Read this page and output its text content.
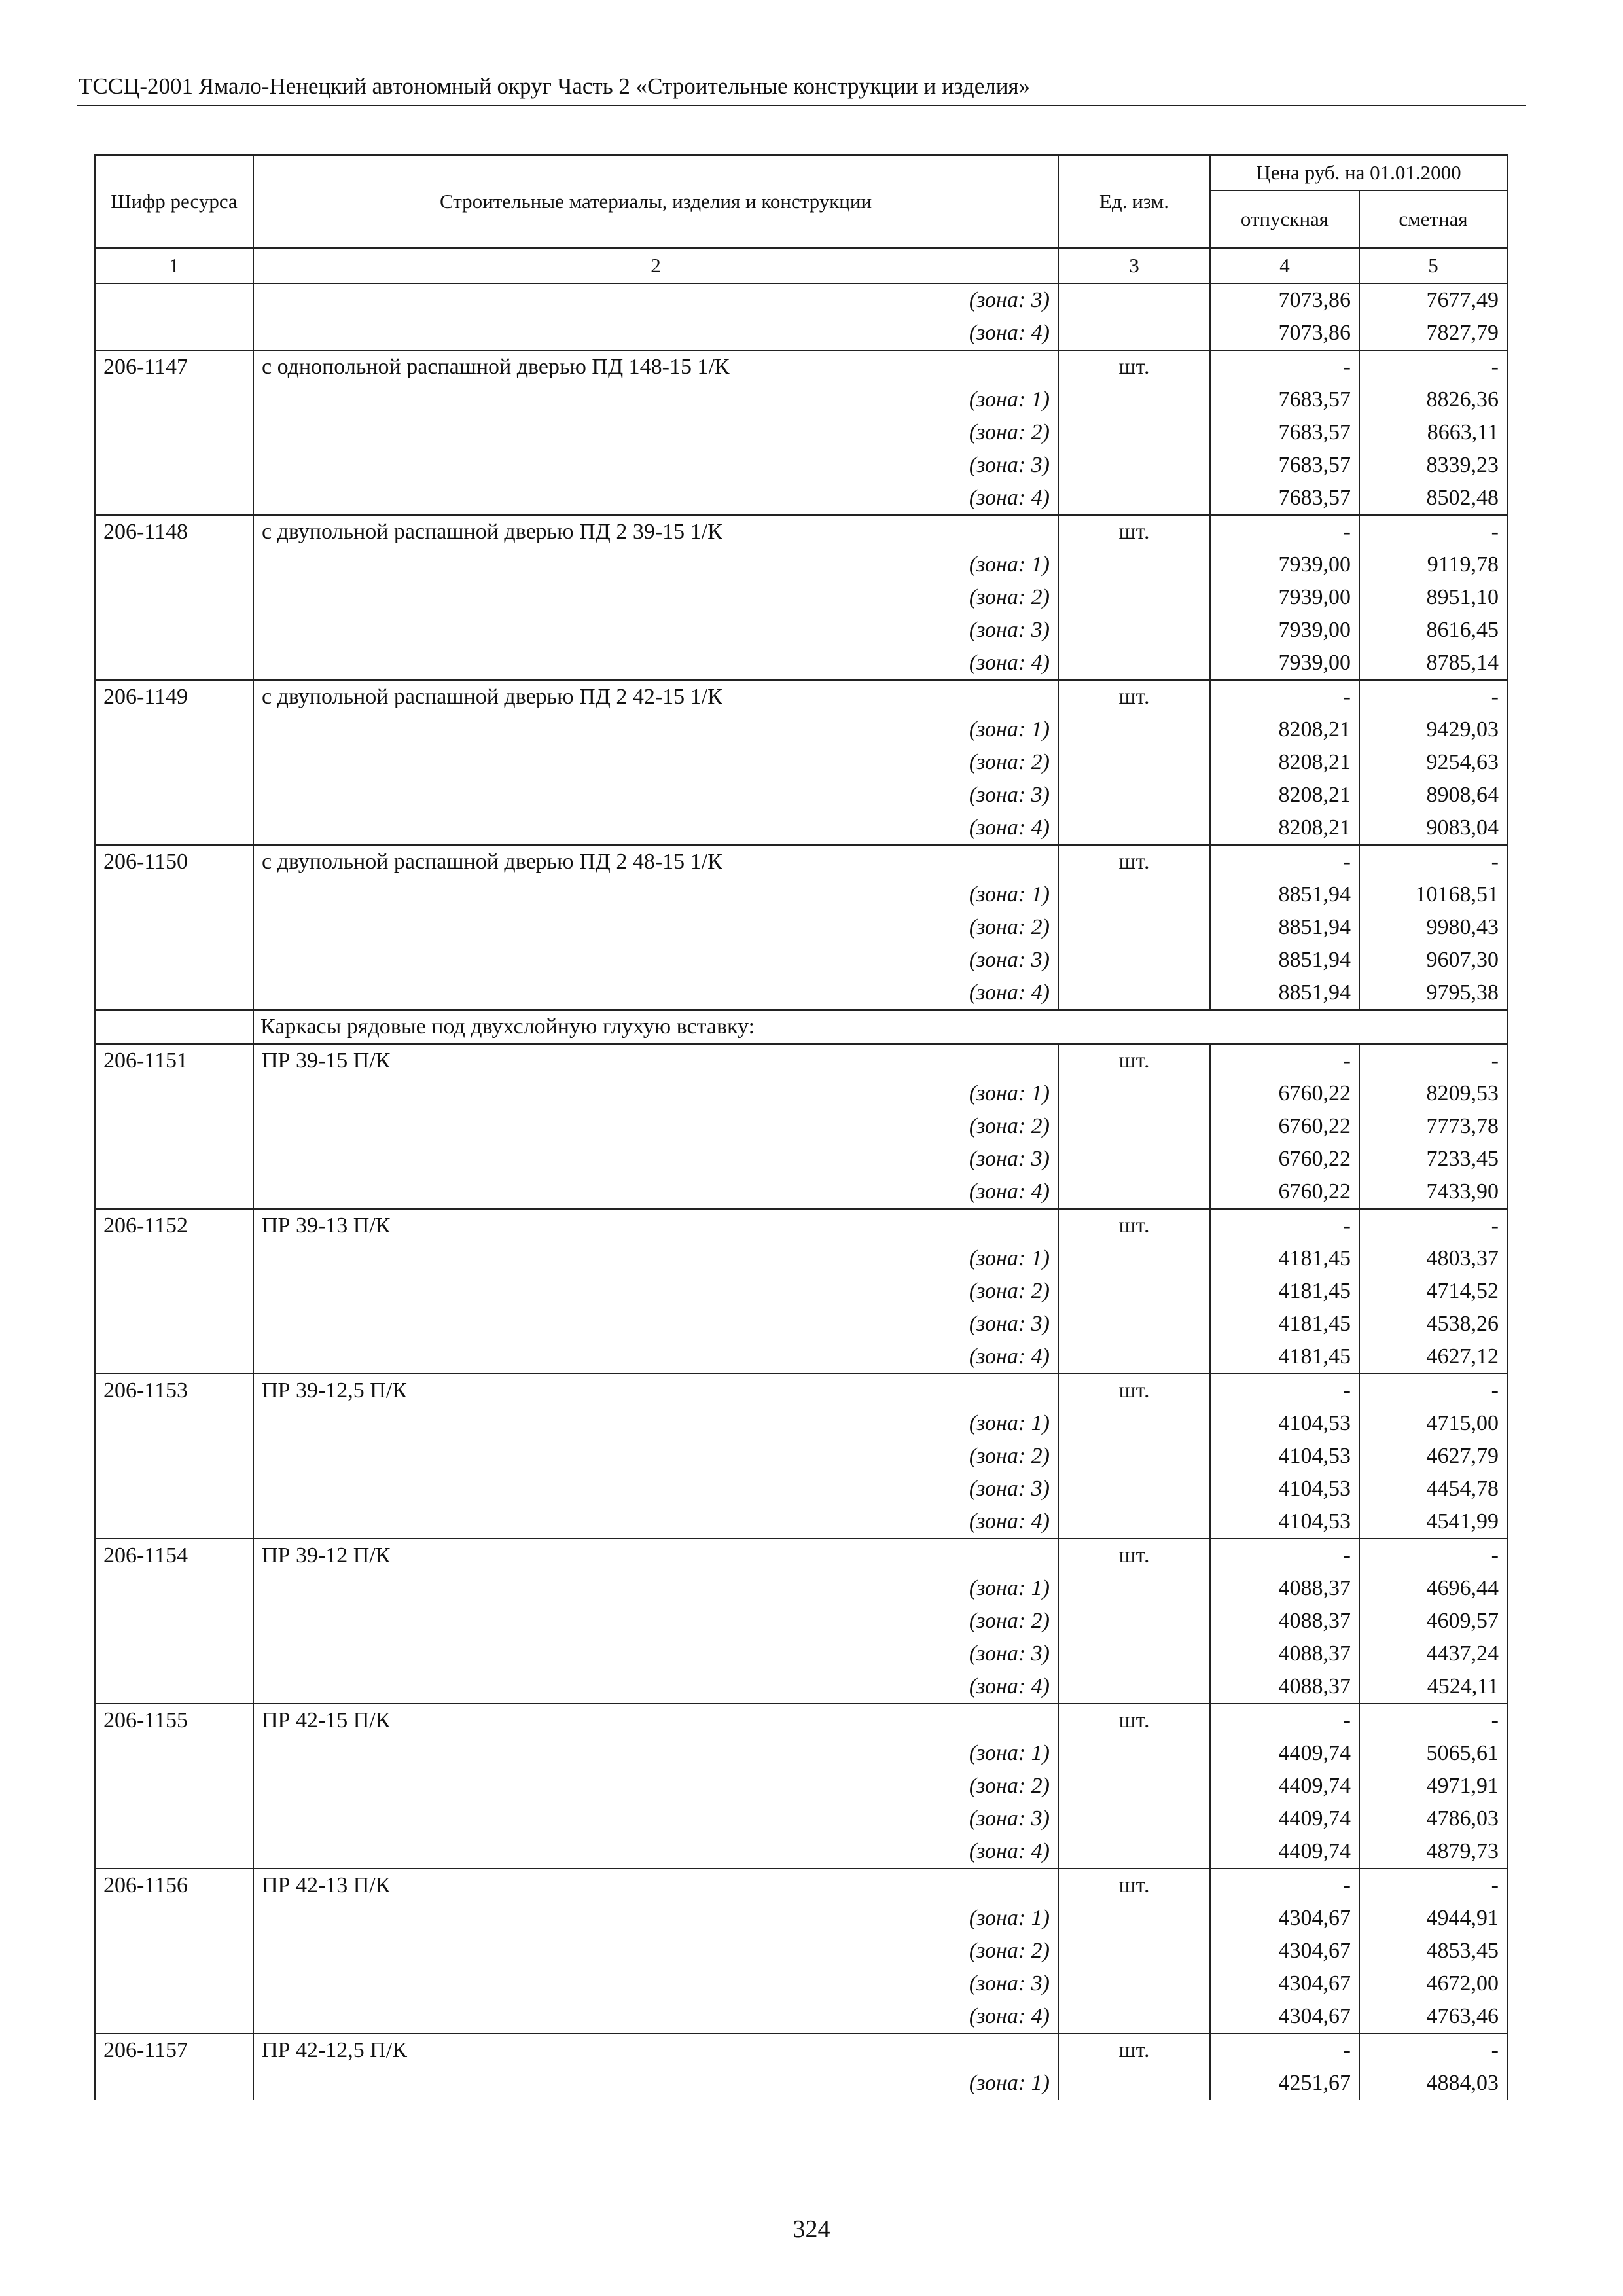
ТССЦ-2001 Ямало-Ненецкий автономный округ Часть 2 «Строительные конструкции и изделия»
Шифр ресурса	Строительные материалы, изделия и конструкции	Ед. изм.	Цена руб. на 01.01.2000	
			отпускная	сметная
1	2	3	4	5
	(зона: 3)		7073,86	7677,49
	(зона: 4)		7073,86	7827,79
206-1147	с однопольной распашной дверью ПД 148-15 1/К	шт.	-	-
	(зона: 1)		7683,57	8826,36
	(зона: 2)		7683,57	8663,11
	(зона: 3)		7683,57	8339,23
	(зона: 4)		7683,57	8502,48
206-1148	с двупольной распашной дверью ПД 2 39-15 1/К	шт.	-	-
	(зона: 1)		7939,00	9119,78
	(зона: 2)		7939,00	8951,10
	(зона: 3)		7939,00	8616,45
	(зона: 4)		7939,00	8785,14
206-1149	с двупольной распашной дверью ПД 2 42-15 1/К	шт.	-	-
	(зона: 1)		8208,21	9429,03
	(зона: 2)		8208,21	9254,63
	(зона: 3)		8208,21	8908,64
	(зона: 4)		8208,21	9083,04
206-1150	с двупольной распашной дверью ПД 2 48-15 1/К	шт.	-	-
	(зона: 1)		8851,94	10168,51
	(зона: 2)		8851,94	9980,43
	(зона: 3)		8851,94	9607,30
	(зона: 4)		8851,94	9795,38
	Каркасы рядовые под двухслойную глухую вставку:			
206-1151	ПР 39-15 П/К	шт.	-	-
	(зона: 1)		6760,22	8209,53
	(зона: 2)		6760,22	7773,78
	(зона: 3)		6760,22	7233,45
	(зона: 4)		6760,22	7433,90
206-1152	ПР 39-13 П/К	шт.	-	-
	(зона: 1)		4181,45	4803,37
	(зона: 2)		4181,45	4714,52
	(зона: 3)		4181,45	4538,26
	(зона: 4)		4181,45	4627,12
206-1153	ПР 39-12,5 П/К	шт.	-	-
	(зона: 1)		4104,53	4715,00
	(зона: 2)		4104,53	4627,79
	(зона: 3)		4104,53	4454,78
	(зона: 4)		4104,53	4541,99
206-1154	ПР 39-12 П/К	шт.	-	-
	(зона: 1)		4088,37	4696,44
	(зона: 2)		4088,37	4609,57
	(зона: 3)		4088,37	4437,24
	(зона: 4)		4088,37	4524,11
206-1155	ПР 42-15 П/К	шт.	-	-
	(зона: 1)		4409,74	5065,61
	(зона: 2)		4409,74	4971,91
	(зона: 3)		4409,74	4786,03
	(зона: 4)		4409,74	4879,73
206-1156	ПР 42-13 П/К	шт.	-	-
	(зона: 1)		4304,67	4944,91
	(зона: 2)		4304,67	4853,45
	(зона: 3)		4304,67	4672,00
	(зона: 4)		4304,67	4763,46
206-1157	ПР 42-12,5 П/К	шт.	-	-
	(зона: 1)		4251,67	4884,03
324
